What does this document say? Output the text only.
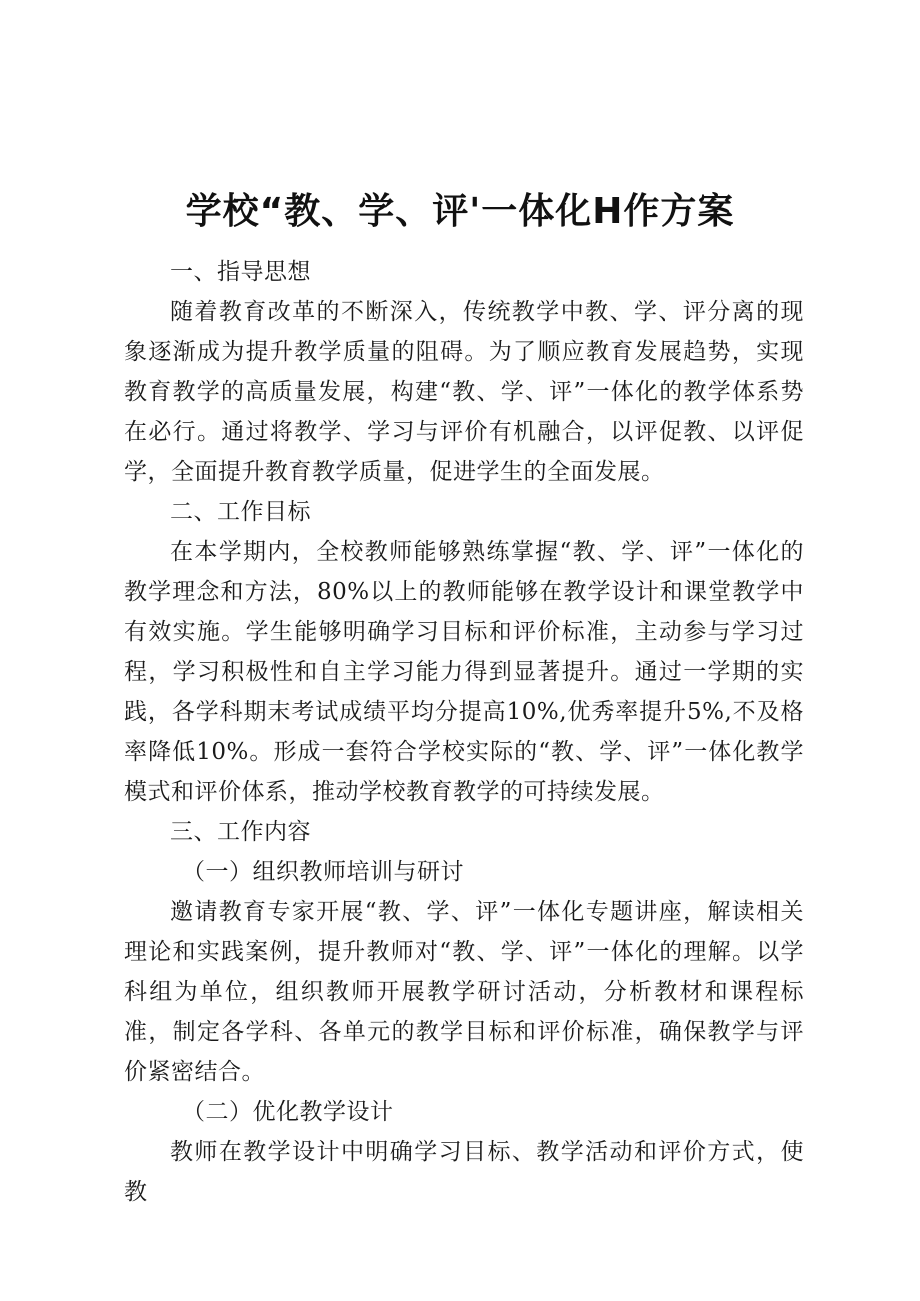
学校“教、学、评'一体化H作方案
一、指导思想

随着教育改革的不断深入，传统教学中教、学、评分离的现象逐渐成为提升教学质量的阻碍。为了顺应教育发展趋势，实现教育教学的高质量发展，构建“教、学、评”一体化的教学体系势在必行。通过将教学、学习与评价有机融合，以评促教、以评促学，全面提升教育教学质量，促进学生的全面发展。

二、工作目标

在本学期内，全校教师能够熟练掌握“教、学、评”一体化的教学理念和方法，80%以上的教师能够在教学设计和课堂教学中有效实施。学生能够明确学习目标和评价标准，主动参与学习过程，学习积极性和自主学习能力得到显著提升。通过一学期的实践，各学科期末考试成绩平均分提高10%,优秀率提升5%,不及格率降低10%。形成一套符合学校实际的“教、学、评”一体化教学模式和评价体系，推动学校教育教学的可持续发展。

三、工作内容
（一）组织教师培训与研讨

邀请教育专家开展“教、学、评”一体化专题讲座，解读相关理论和实践案例，提升教师对“教、学、评”一体化的理解。以学科组为单位，组织教师开展教学研讨活动，分析教材和课程标准，制定各学科、各单元的教学目标和评价标准，确保教学与评价紧密结合。

（二）优化教学设计

教师在教学设计中明确学习目标、教学活动和评价方式，使教
